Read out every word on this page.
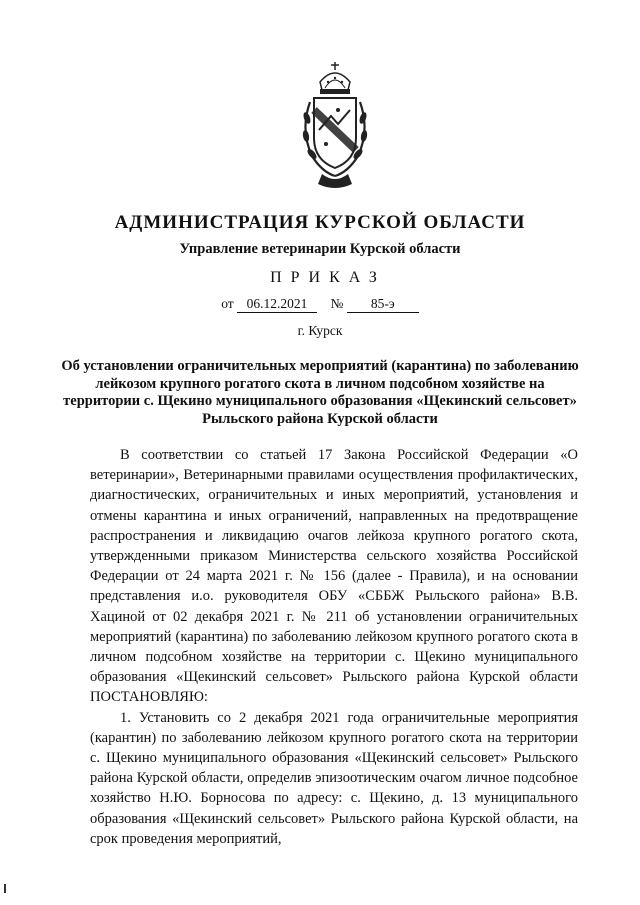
АДМИНИСТРАЦИЯ КУРСКОЙ ОБЛАСТИ
Управление ветеринарии Курской области
ПРИКАЗ
от 06.12.2021 № 85-э
г. Курск
Об установлении ограничительных мероприятий (карантина) по заболеванию лейкозом крупного рогатого скота в личном подсобном хозяйстве на территории с. Щекино муниципального образования «Щекинский сельсовет» Рыльского района Курской области

В соответствии со статьей 17 Закона Российской Федерации «О ветеринарии», Ветеринарными правилами осуществления профилактических, диагностических, ограничительных и иных мероприятий, установления и отмены карантина и иных ограничений, направленных на предотвращение распространения и ликвидацию очагов лейкоза крупного рогатого скота, утвержденными приказом Министерства сельского хозяйства Российской Федерации от 24 марта 2021 г. № 156 (далее - Правила), и на основании представления и.о. руководителя ОБУ «СББЖ Рыльского района» В.В. Хациной от 02 декабря 2021 г. № 211 об установлении ограничительных мероприятий (карантина) по заболеванию лейкозом крупного рогатого скота в личном подсобном хозяйстве на территории с. Щекино муниципального образования «Щекинский сельсовет» Рыльского района Курской области ПОСТАНОВЛЯЮ:

1. Установить со 2 декабря 2021 года ограничительные мероприятия (карантин) по заболеванию лейкозом крупного рогатого скота на территории с. Щекино муниципального образования «Щекинский сельсовет» Рыльского района Курской области, определив эпизоотическим очагом личное подсобное хозяйство Н.Ю. Борносова по адресу: с. Щекино, д. 13 муниципального образования «Щекинский сельсовет» Рыльского района Курской области, на срок проведения мероприятий,
